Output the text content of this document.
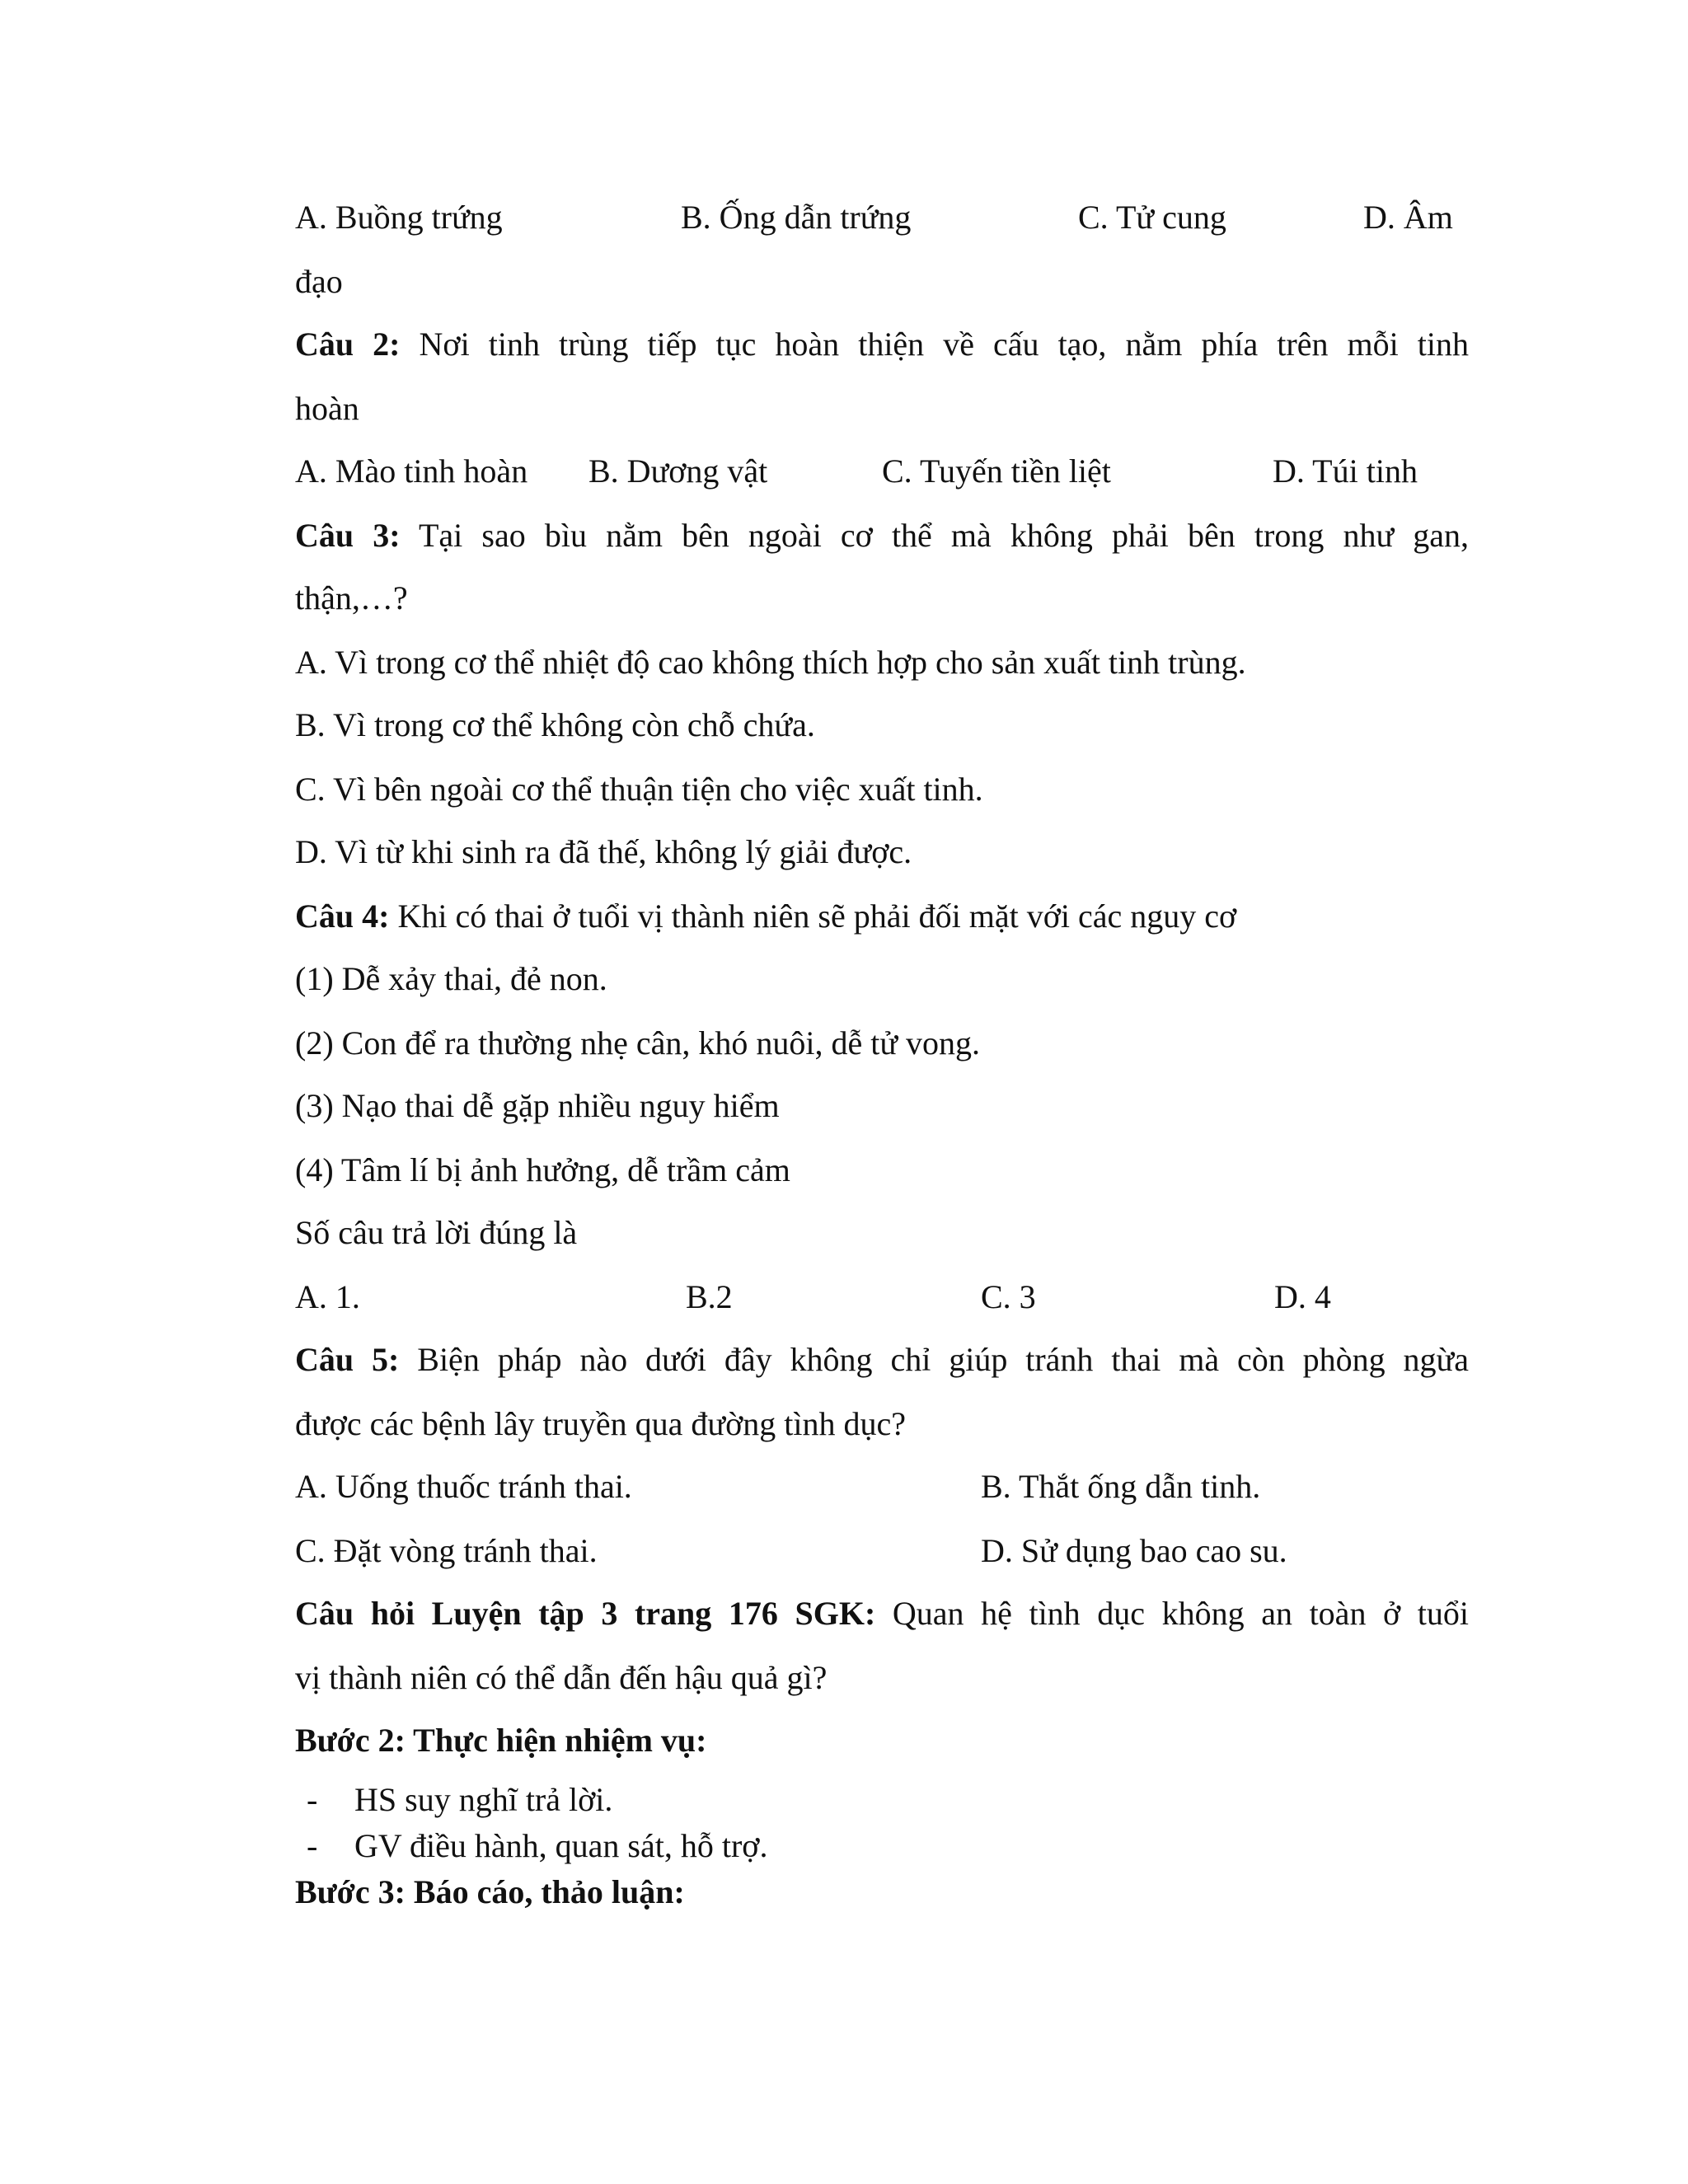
A. Buồng trứng	B. Ống dẫn trứng	C. Tử cung	D. Âm
đạo
Câu 2: Nơi tinh trùng tiếp tục hoàn thiện về cấu tạo, nằm phía trên mỗi tinh
hoàn
A. Mào tinh hoàn B. Dương vật	C. Tuyến tiền liệt	D. Túi tinh
Câu 3: Tại sao bìu nằm bên ngoài cơ thể mà không phải bên trong như gan,
thận,…?
A. Vì trong cơ thể nhiệt độ cao không thích hợp cho sản xuất tinh trùng.
B. Vì trong cơ thể không còn chỗ chứa.
C. Vì bên ngoài cơ thể thuận tiện cho việc xuất tinh.
D. Vì từ khi sinh ra đã thế, không lý giải được.
Câu 4: Khi có thai ở tuổi vị thành niên sẽ phải đối mặt với các nguy cơ
(1) Dễ xảy thai, đẻ non.
(2) Con để ra thường nhẹ cân, khó nuôi, dễ tử vong.
(3) Nạo thai dễ gặp nhiều nguy hiểm
(4) Tâm lí bị ảnh hưởng, dễ trầm cảm
Số câu trả lời đúng là
A. 1.	B.2	C. 3	D. 4
Câu 5: Biện pháp nào dưới đây không chỉ giúp tránh thai mà còn phòng ngừa
được các bệnh lây truyền qua đường tình dục?
A. Uống thuốc tránh thai.	B. Thắt ống dẫn tinh.
C. Đặt vòng tránh thai.	D. Sử dụng bao cao su.
Câu hỏi Luyện tập 3 trang 176 SGK: Quan hệ tình dục không an toàn ở tuổi
vị thành niên có thể dẫn đến hậu quả gì?
Bước 2: Thực hiện nhiệm vụ:
- HS suy nghĩ trả lời.
- GV điều hành, quan sát, hỗ trợ.
Bước 3: Báo cáo, thảo luận:
